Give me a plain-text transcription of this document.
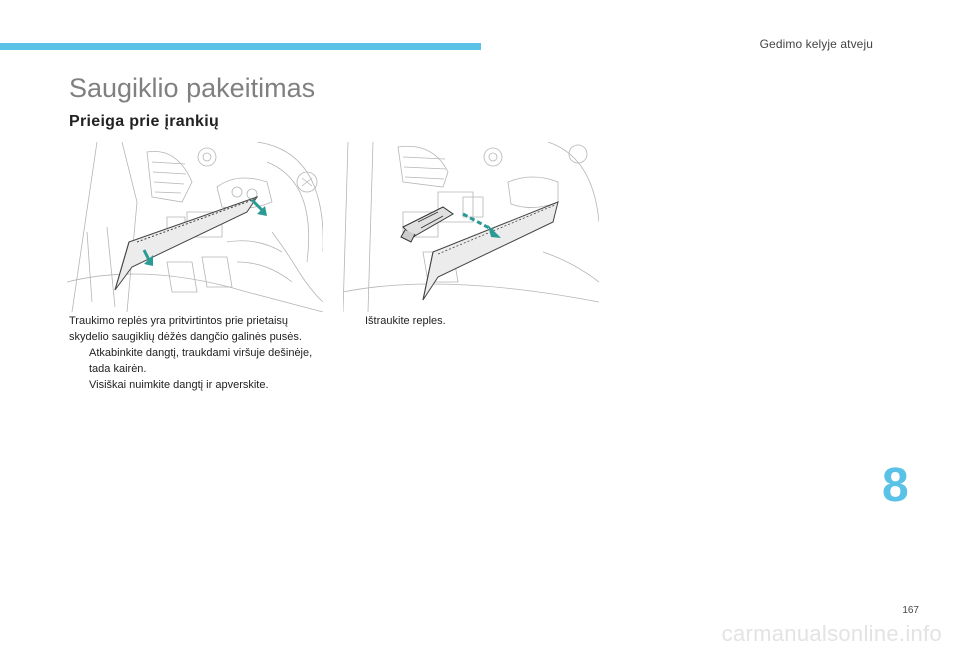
Gedimo kelyje atveju
Saugiklio pakeitimas
Prieiga prie įrankių

Traukimo replės yra pritvirtintos prie prietaisų skydelio saugiklių dėžės dangčio galinės pusės.

Atkabinkite dangtį, traukdami viršuje dešinėje, tada kairėn.

Visiškai nuimkite dangtį ir apverskite.

Ištraukite reples.

8
167
carmanualsonline.info
